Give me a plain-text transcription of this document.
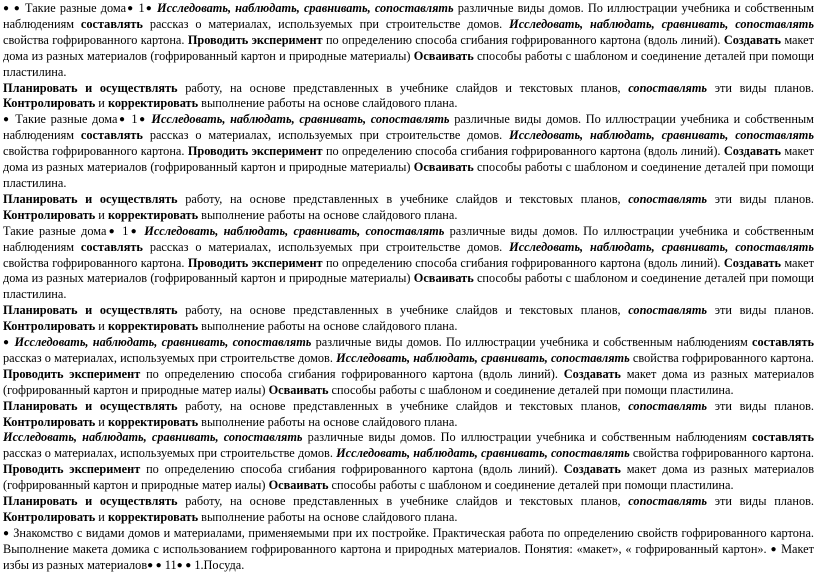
● ● Такие разные дома● 1● Исследовать, наблюдать, сравнивать, сопоставлять различные виды домов. По иллюстрации учебника и собственным наблюдениям составлять рассказ о материалах, используемых при строительстве домов. Исследовать, наблюдать, сравнивать, сопоставлять свойства гофрированного картона. Проводить эксперимент по определению способа сгибания гофрированного картона (вдоль линий). Создавать макет дома из разных материалов (гофрированный картон и природные материалы) Осваивать способы работы с шаблоном и соединение деталей при помощи пластилина.

Планировать и осуществлять работу, на основе представленных в учебнике слайдов и текстовых планов, сопоставлять эти виды планов. Контролировать и корректировать выполнение работы на основе слайдового плана.

● Такие разные дома● 1● Исследовать, наблюдать, сравнивать, сопоставлять различные виды домов. По иллюстрации учебника и собственным наблюдениям составлять рассказ о материалах, используемых при строительстве домов. Исследовать, наблюдать, сравнивать, сопоставлять свойства гофрированного картона. Проводить эксперимент по определению способа сгибания гофрированного картона (вдоль линий). Создавать макет дома из разных материалов (гофрированный картон и природные материалы) Осваивать способы работы с шаблоном и соединение деталей при помощи пластилина.

Планировать и осуществлять работу, на основе представленных в учебнике слайдов и текстовых планов, сопоставлять эти виды планов. Контролировать и корректировать выполнение работы на основе слайдового плана.

Такие разные дома● 1● Исследовать, наблюдать, сравнивать, сопоставлять различные виды домов. По иллюстрации учебника и собственным наблюдениям составлять рассказ о материалах, используемых при строительстве домов. Исследовать, наблюдать, сравнивать, сопоставлять свойства гофрированного картона. Проводить эксперимент по определению способа сгибания гофрированного картона (вдоль линий). Создавать макет дома из разных материалов (гофрированный картон и природные материалы) Осваивать способы работы с шаблоном и соединение деталей при помощи пластилина.

Планировать и осуществлять работу, на основе представленных в учебнике слайдов и текстовых планов, сопоставлять эти виды планов. Контролировать и корректировать выполнение работы на основе слайдового плана.

● Исследовать, наблюдать, сравнивать, сопоставлять различные виды домов. По иллюстрации учебника и собственным наблюдениям составлять рассказ о материалах, используемых при строительстве домов. Исследовать, наблюдать, сравнивать, сопоставлять свойства гофрированного картона. Проводить эксперимент по определению способа сгибания гофрированного картона (вдоль линий). Создавать макет дома из разных материалов (гофрированный картон и природные матер иалы) Осваивать способы работы с шаблоном и соединение деталей при помощи пластилина.

Планировать и осуществлять работу, на основе представленных в учебнике слайдов и текстовых планов, сопоставлять эти виды планов. Контролировать и корректировать выполнение работы на основе слайдового плана.

Исследовать, наблюдать, сравнивать, сопоставлять различные виды домов. По иллюстрации учебника и собственным наблюдениям составлять рассказ о материалах, используемых при строительстве домов. Исследовать, наблюдать, сравнивать, сопоставлять свойства гофрированного картона. Проводить эксперимент по определению способа сгибания гофрированного картона (вдоль линий). Создавать макет дома из разных материалов (гофрированный картон и природные матер иалы) Осваивать способы работы с шаблоном и соединение деталей при помощи пластилина.

Планировать и осуществлять работу, на основе представленных в учебнике слайдов и текстовых планов, сопоставлять эти виды планов. Контролировать и корректировать выполнение работы на основе слайдового плана.

● Знакомство с видами домов и материалами, применяемыми при их постройке. Практическая работа по определению свойств гофрированного картона. Выполнение макета домика с использованием гофрированного картона и природных материалов. Понятия: «макет», « гофрированный картон». ● Макет избы из разных материалов● ● 11● ● 1.Посуда.
